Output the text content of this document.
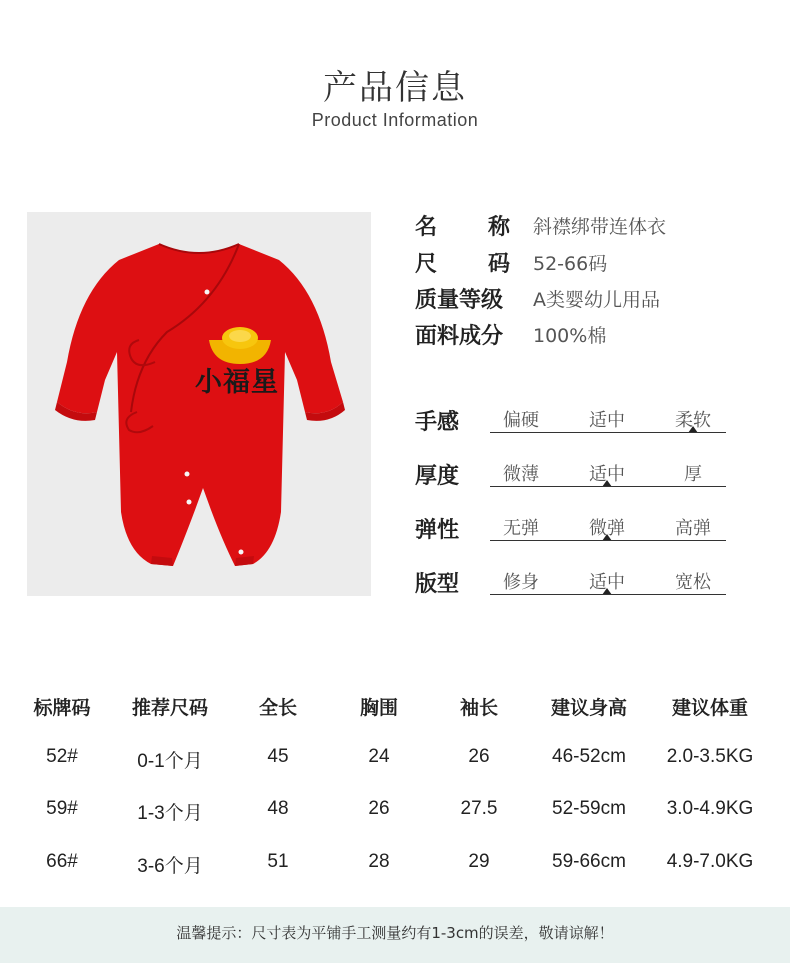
产品信息
Product Information
小福星
名　称 斜襟绑带连体衣
尺　码 52-66码
质量等级	A类婴幼儿用品
面料成分	100%棉
手感	偏硬	适中	柔软
厚度	微薄	适中	厚
弹性	无弹	微弹	高弹
版型	修身	适中	宽松
标牌码	推荐尺码	全长	胸围	袖长	建议身高	建议体重
52#	0-1个月	45	24	26	46-52cm	2.0-3.5KG
59#	1-3个月	48	26	27.5	52-59cm	3.0-4.9KG
66#	3-6个月	51	28	29	59-66cm	4.9-7.0KG
温馨提示：尺寸表为平铺手工测量约有1-3cm的误差，敬请谅解！
